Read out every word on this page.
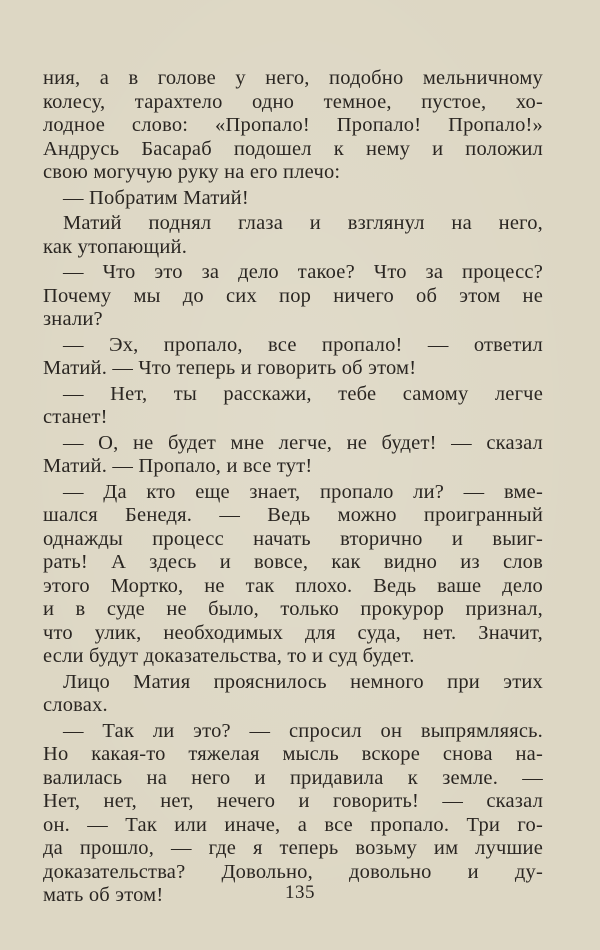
ния, а в голове у него, подобно мельничному
колесу, тарахтело одно темное, пустое, хо-
лодное слово: «Пропало! Пропало! Пропало!»
Андрусь Басараб подошел к нему и положил
свою могучую руку на его плечо:
— Побратим Матий!
Матий поднял глаза и взглянул на него,
как утопающий.
— Что это за дело такое? Что за процесс?
Почему мы до сих пор ничего об этом не
знали?
— Эх, пропало, все пропало! — ответил
Матий. — Что теперь и говорить об этом!
— Нет, ты расскажи, тебе самому легче
станет!
— О, не будет мне легче, не будет! — сказал
Матий. — Пропало, и все тут!
— Да кто еще знает, пропало ли? — вме-
шался Бенедя. — Ведь можно проигранный
однажды процесс начать вторично и выиг-
рать! А здесь и вовсе, как видно из слов
этого Мортко, не так плохо. Ведь ваше дело
и в суде не было, только прокурор признал,
что улик, необходимых для суда, нет. Значит,
если будут доказательства, то и суд будет.
Лицо Матия прояснилось немного при этих
словах.
— Так ли это? — спросил он выпрямляясь.
Но какая-то тяжелая мысль вскоре снова на-
валилась на него и придавила к земле. —
Нет, нет, нет, нечего и говорить! — сказал
он. — Так или иначе, а все пропало. Три го-
да прошло, — где я теперь возьму им лучшие
доказательства? Довольно, довольно и ду-
мать об этом!	135
